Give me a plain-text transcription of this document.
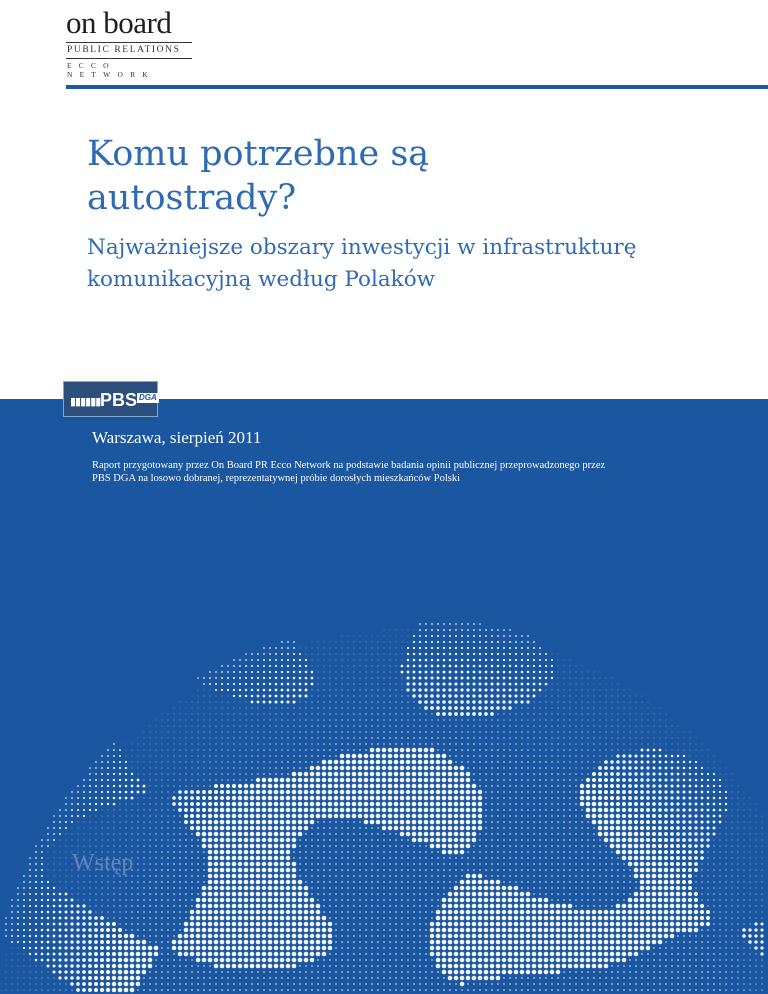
on board
PUBLIC RELATIONS
ECCO NETWORK
Komu potrzebne są autostrady?
Najważniejsze obszary inwestycji w infrastrukturę komunikacyjną według Polaków
▮▮▮▮▮▮ PBS DGA
Warszawa, sierpień 2011

Raport przygotowany przez On Board PR Ecco Network na podstawie badania opinii publicznej przeprowadzonego przez PBS DGA na losowo dobranej, reprezentatywnej próbie dorosłych mieszkańców Polski

Wstęp
